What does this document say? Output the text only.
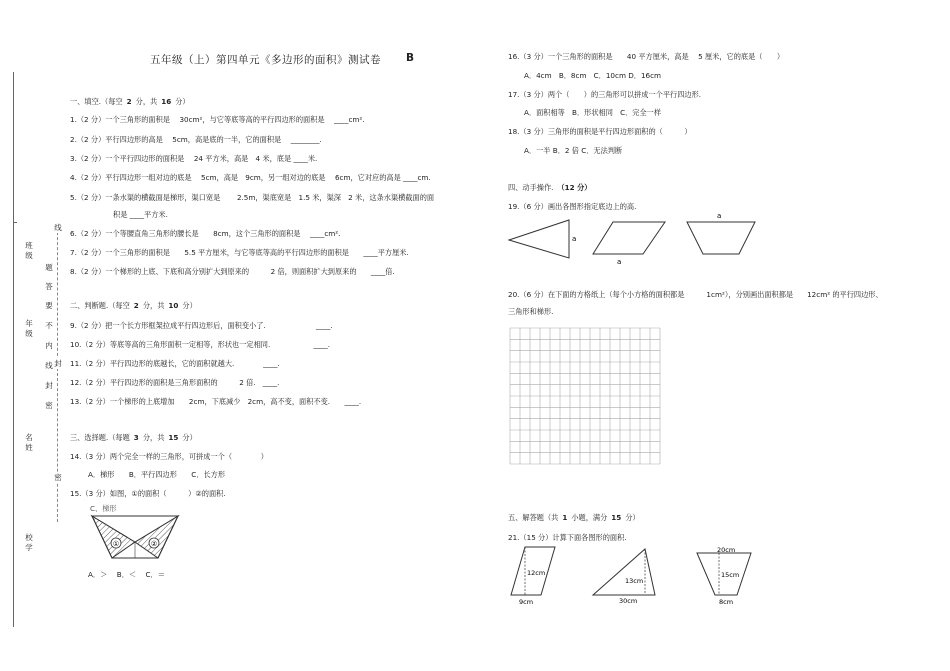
题
答
要
不
内
线
封
密
班
级
年
级
名
姓
校
学
线
封
密
五年级（上）第四单元《多边形的面积》测试卷 B
一、填空.（每空 2 分，共 16 分）
1.（2 分）一个三角形的面积是　 30cm²，与它等底等高的平行四边形的面积是　 ____cm².
2.（2 分）平行四边形的高是　 5cm，高是底的一半，它的面积是　 ________.
3.（2 分）一个平行四边形的面积是　 24 平方米，高是　4 米，底是 ____米.
4.（2 分）平行四边形一组对边的底是　 5cm，高是　9cm，另一组对边的底是　 6cm，它对应的高是 ____cm.
5.（2 分）一条水渠的横截面是梯形，渠口宽是　　 2.5m，渠底宽是　1.5 米，渠深　2 米，这条水渠横截面的面
积是 ____平方米.
6.（2 分）一个等腰直角三角形的腰长是　　8cm，这个三角形的面积是　 ____cm².
7.（2 分）一个三角形的面积是　　5.5 平方厘米，与它等底等高的平行四边形的面积是　　____平方厘米.
8.（2 分）一个梯形的上底、下底和高分别扩大到原来的　　　2 倍，则面积扩大到原来的　　____倍.
二、判断题.（每空 2 分，共 10 分）
9.（2 分）把一个长方形框架拉成平行四边形后，面积变小了.　　　　　　　____.
10.（2 分）等底等高的三角形面积一定相等，形状也一定相同.　　　　　　____.
11.（2 分）平行四边形的底越长，它的面积就越大.　　　　____.
12.（2 分）平行四边形的面积是三角形面积的　　　2 倍.　____.
13.（2 分）一个梯形的上底增加　　2cm，下底减少　2cm，高不变，面积不变.　　____.
三、选择题.（每题 3 分，共 15 分）
14.（3 分）两个完全一样的三角形，可拼成一个（　　　　）
A．梯形　　B．平行四边形　　C．长方形
15.（3 分）如图，①的面积（　　　）②的面积.
C、梯形
①	②
A．＞　 B．＜　 C．＝
16.（3 分）一个三角形的面积是　　40 平方厘米，高是　 5 厘米，它的底是（　　）
A．4cm　B．8cm　C．10cm D．16cm
17.（3 分）两个（　　）的三角形可以拼成一个平行四边形.
A．面积相等　B．形状相同　C．完全一样
18.（3 分）三角形的面积是平行四边形面积的（　　　）
A．一半 B．2 倍 C．无法判断
四、动手操作. （12 分）
19.（6 分）画出各图形指定底边上的高.
a
a
a
20.（6 分）在下面的方格纸上（每个小方格的面积都是	1cm²），分别画出面积都是 12cm² 的平行四边形、
三角形和梯形.
五、解答题（共 1 小题，满分 15 分）
21.（15 分）计算下面各图形的面积.
12cm
9cm
13cm
30cm
20cm
15cm
8cm
